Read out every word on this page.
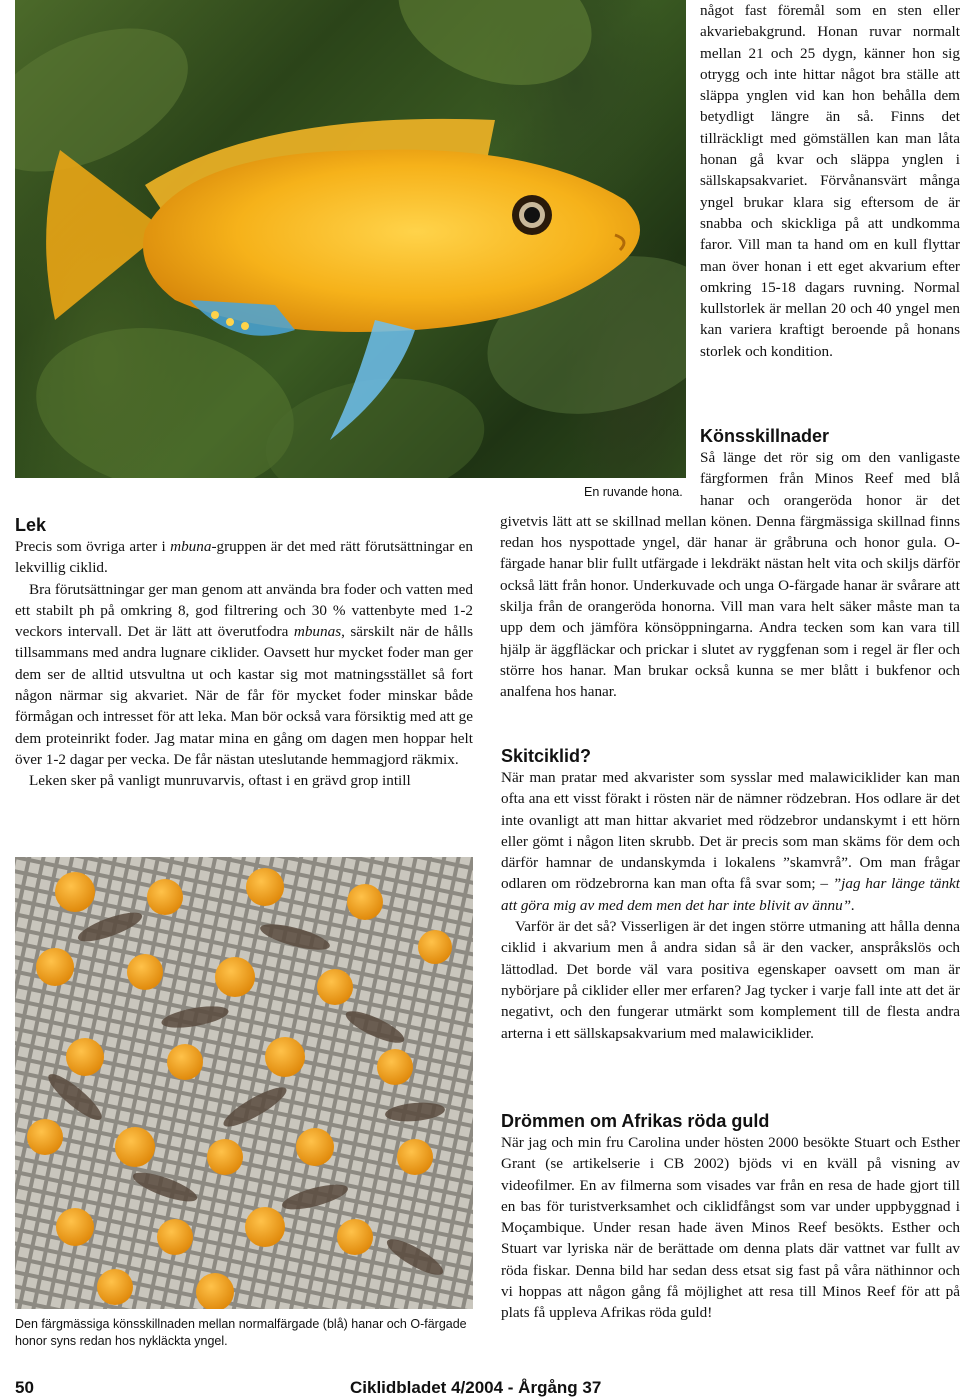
något fast föremål som en sten eller akvariebakgrund. Honan ruvar normalt mellan 21 och 25 dygn, känner hon sig otrygg och inte hittar något bra ställe att släppa ynglen vid kan hon behålla dem betydligt längre än så. Finns det tillräckligt med gömställen kan man låta honan gå kvar och släppa ynglen i sällskapsakvariet. Förvånansvärt många yngel brukar klara sig eftersom de är snabba och skickliga på att undkomma faror. Vill man ta hand om en kull flyttar man över honan i ett eget akvarium efter omkring 15-18 dagars ruvning. Normal kullstorlek är mellan 20 och 40 yngel men kan variera kraftigt beroende på honans storlek och kondition.

En ruvande hona.
Könsskillnader

Så länge det rör sig om den vanligaste färgformen från Minos Reef med blå hanar och orangeröda honor är det givetvis lätt att se skillnad mellan könen. Denna färgmässiga skillnad finns redan hos nyspottade yngel, där hanar är gråbruna och honor gula. O-färgade hanar blir fullt utfärgade i lekdräkt nästan helt vita och skiljs därför också lätt från honor. Underkuvade och unga O-färgade hanar är svårare att skilja från de orangeröda honorna. Vill man vara helt säker måste man ta upp dem och jämföra könsöppningarna. Andra tecken som kan vara till hjälp är äggfläckar och prickar i slutet av ryggfenan som i regel är fler och större hos hanar. Man brukar också kunna se mer blått i bukfenor och analfena hos hanar.

Lek

Precis som övriga arter i mbuna-gruppen är det med rätt förutsättningar en lekvillig ciklid.

Bra förutsättningar ger man genom att använda bra foder och vatten med ett stabilt ph på omkring 8, god filtrering och 30 % vattenbyte med 1-2 veckors intervall. Det är lätt att överutfodra mbunas, särskilt när de hålls tillsammans med andra lugnare ciklider. Oavsett hur mycket foder man ger dem ser de alltid utsvultna ut och kastar sig mot matningsstället så fort någon närmar sig akvariet. När de får för mycket foder minskar både förmågan och intresset för att leka. Man bör också vara försiktig med att ge dem proteinrikt foder. Jag matar mina en gång om dagen men hoppar helt över 1-2 dagar per vecka. De får nästan uteslutande hemmagjord räkmix.

Leken sker på vanligt munruvarvis, oftast i en grävd grop intill

Den färgmässiga könsskillnaden mellan normalfärgade (blå) hanar och O-färgade honor syns redan hos nykläckta yngel.
Skitciklid?

När man pratar med akvarister som sysslar med malawiciklider kan man ofta ana ett visst förakt i rösten när de nämner rödzebran. Hos odlare är det inte ovanligt att man hittar akvariet med rödzebror undanskymt i ett hörn eller gömt i någon liten skrubb. Det är precis som man skäms för dem och därför hamnar de undanskymda i lokalens ”skamvrå”. Om man frågar odlaren om rödzebrorna kan man ofta få svar som; – ”jag har länge tänkt att göra mig av med dem men det har inte blivit av ännu”.

Varför är det så? Visserligen är det ingen större utmaning att hålla denna ciklid i akvarium men å andra sidan så är den vacker, anspråkslös och lättodlad. Det borde väl vara positiva egenskaper oavsett om man är nybörjare på ciklider eller mer erfaren? Jag tycker i varje fall inte att det är negativt, och den fungerar utmärkt som komplement till de flesta andra arterna i ett sällskapsakvarium med malawiciklider.

Drömmen om Afrikas röda guld

När jag och min fru Carolina under hösten 2000 besökte Stuart och Esther Grant (se artikelserie i CB 2002) bjöds vi en kväll på visning av videofilmer. En av filmerna som visades var från en resa de hade gjort till en bas för turistverksamhet och ciklidfångst som var under uppbyggnad i Moçambique. Under resan hade även Minos Reef besökts. Esther och Stuart var lyriska när de berättade om denna plats där vattnet var fullt av röda fiskar. Denna bild har sedan dess etsat sig fast på våra näthinnor och vi hoppas att någon gång få möjlighet att resa till Minos Reef för att på plats få uppleva Afrikas röda guld!

50	Ciklidbladet 4/2004 - Årgång 37
